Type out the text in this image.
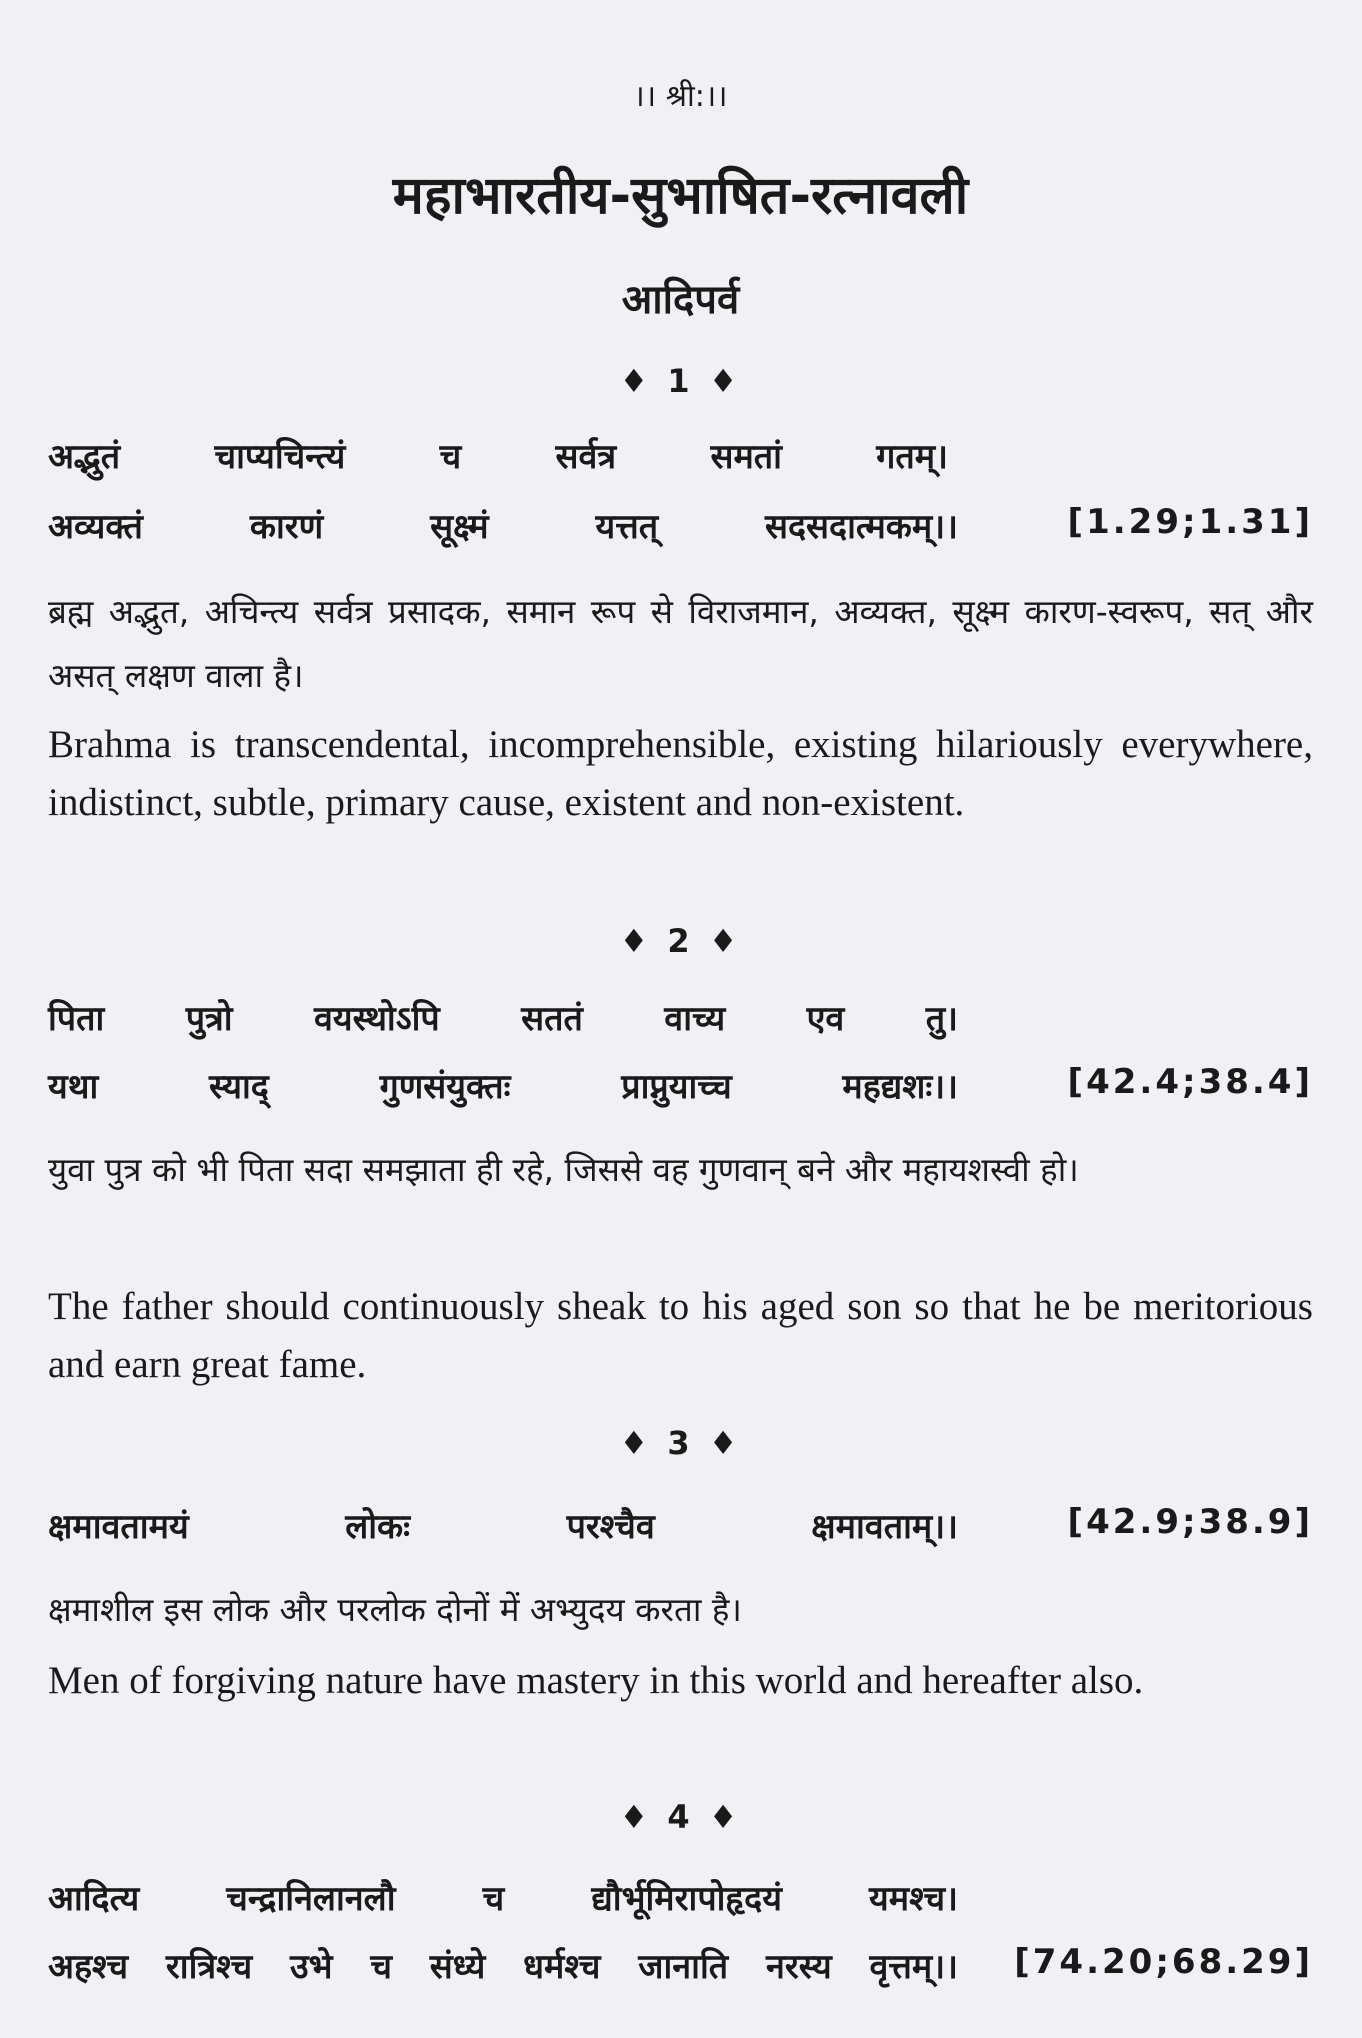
।। श्री:।।
महाभारतीय-सुभाषित-रत्नावली
आदिपर्व
♦ 1 ♦
अद्भुतं चाप्यचिन्त्यं च सर्वत्र समतां गतम्।
अव्यक्तं कारणं सूक्ष्मं यत्तत् सदसदात्मकम्।।	[1.29;1.31]
ब्रह्म अद्भुत, अचिन्त्य सर्वत्र प्रसादक, समान रूप से विराजमान, अव्यक्त, सूक्ष्म कारण-स्वरूप, सत् और असत् लक्षण वाला है।
Brahma is transcendental, incomprehensible, existing hilariously everywhere, indistinct, subtle, primary cause, existent and non-existent.
♦ 2 ♦
पिता पुत्रो वयस्थोऽपि सततं वाच्य एव तु।
यथा स्याद् गुणसंयुक्तः प्राप्नुयाच्च महद्यशः।।	[42.4;38.4]
युवा पुत्र को भी पिता सदा समझाता ही रहे, जिससे वह गुणवान् बने और महायशस्वी हो।
The father should continuously sheak to his aged son so that he be meritorious and earn great fame.
♦ 3 ♦
क्षमावतामयं लोकः परश्चैव क्षमावताम्।।	[42.9;38.9]
क्षमाशील इस लोक और परलोक दोनों में अभ्युदय करता है।
Men of forgiving nature have mastery in this world and hereafter also.
♦ 4 ♦
आदित्य चन्द्रानिलानलौ च द्यौर्भूमिरापोहृदयं यमश्च।
अहश्च रात्रिश्च उभे च संध्ये धर्मश्च जानाति नरस्य वृत्तम्।। [74.20;68.29]
